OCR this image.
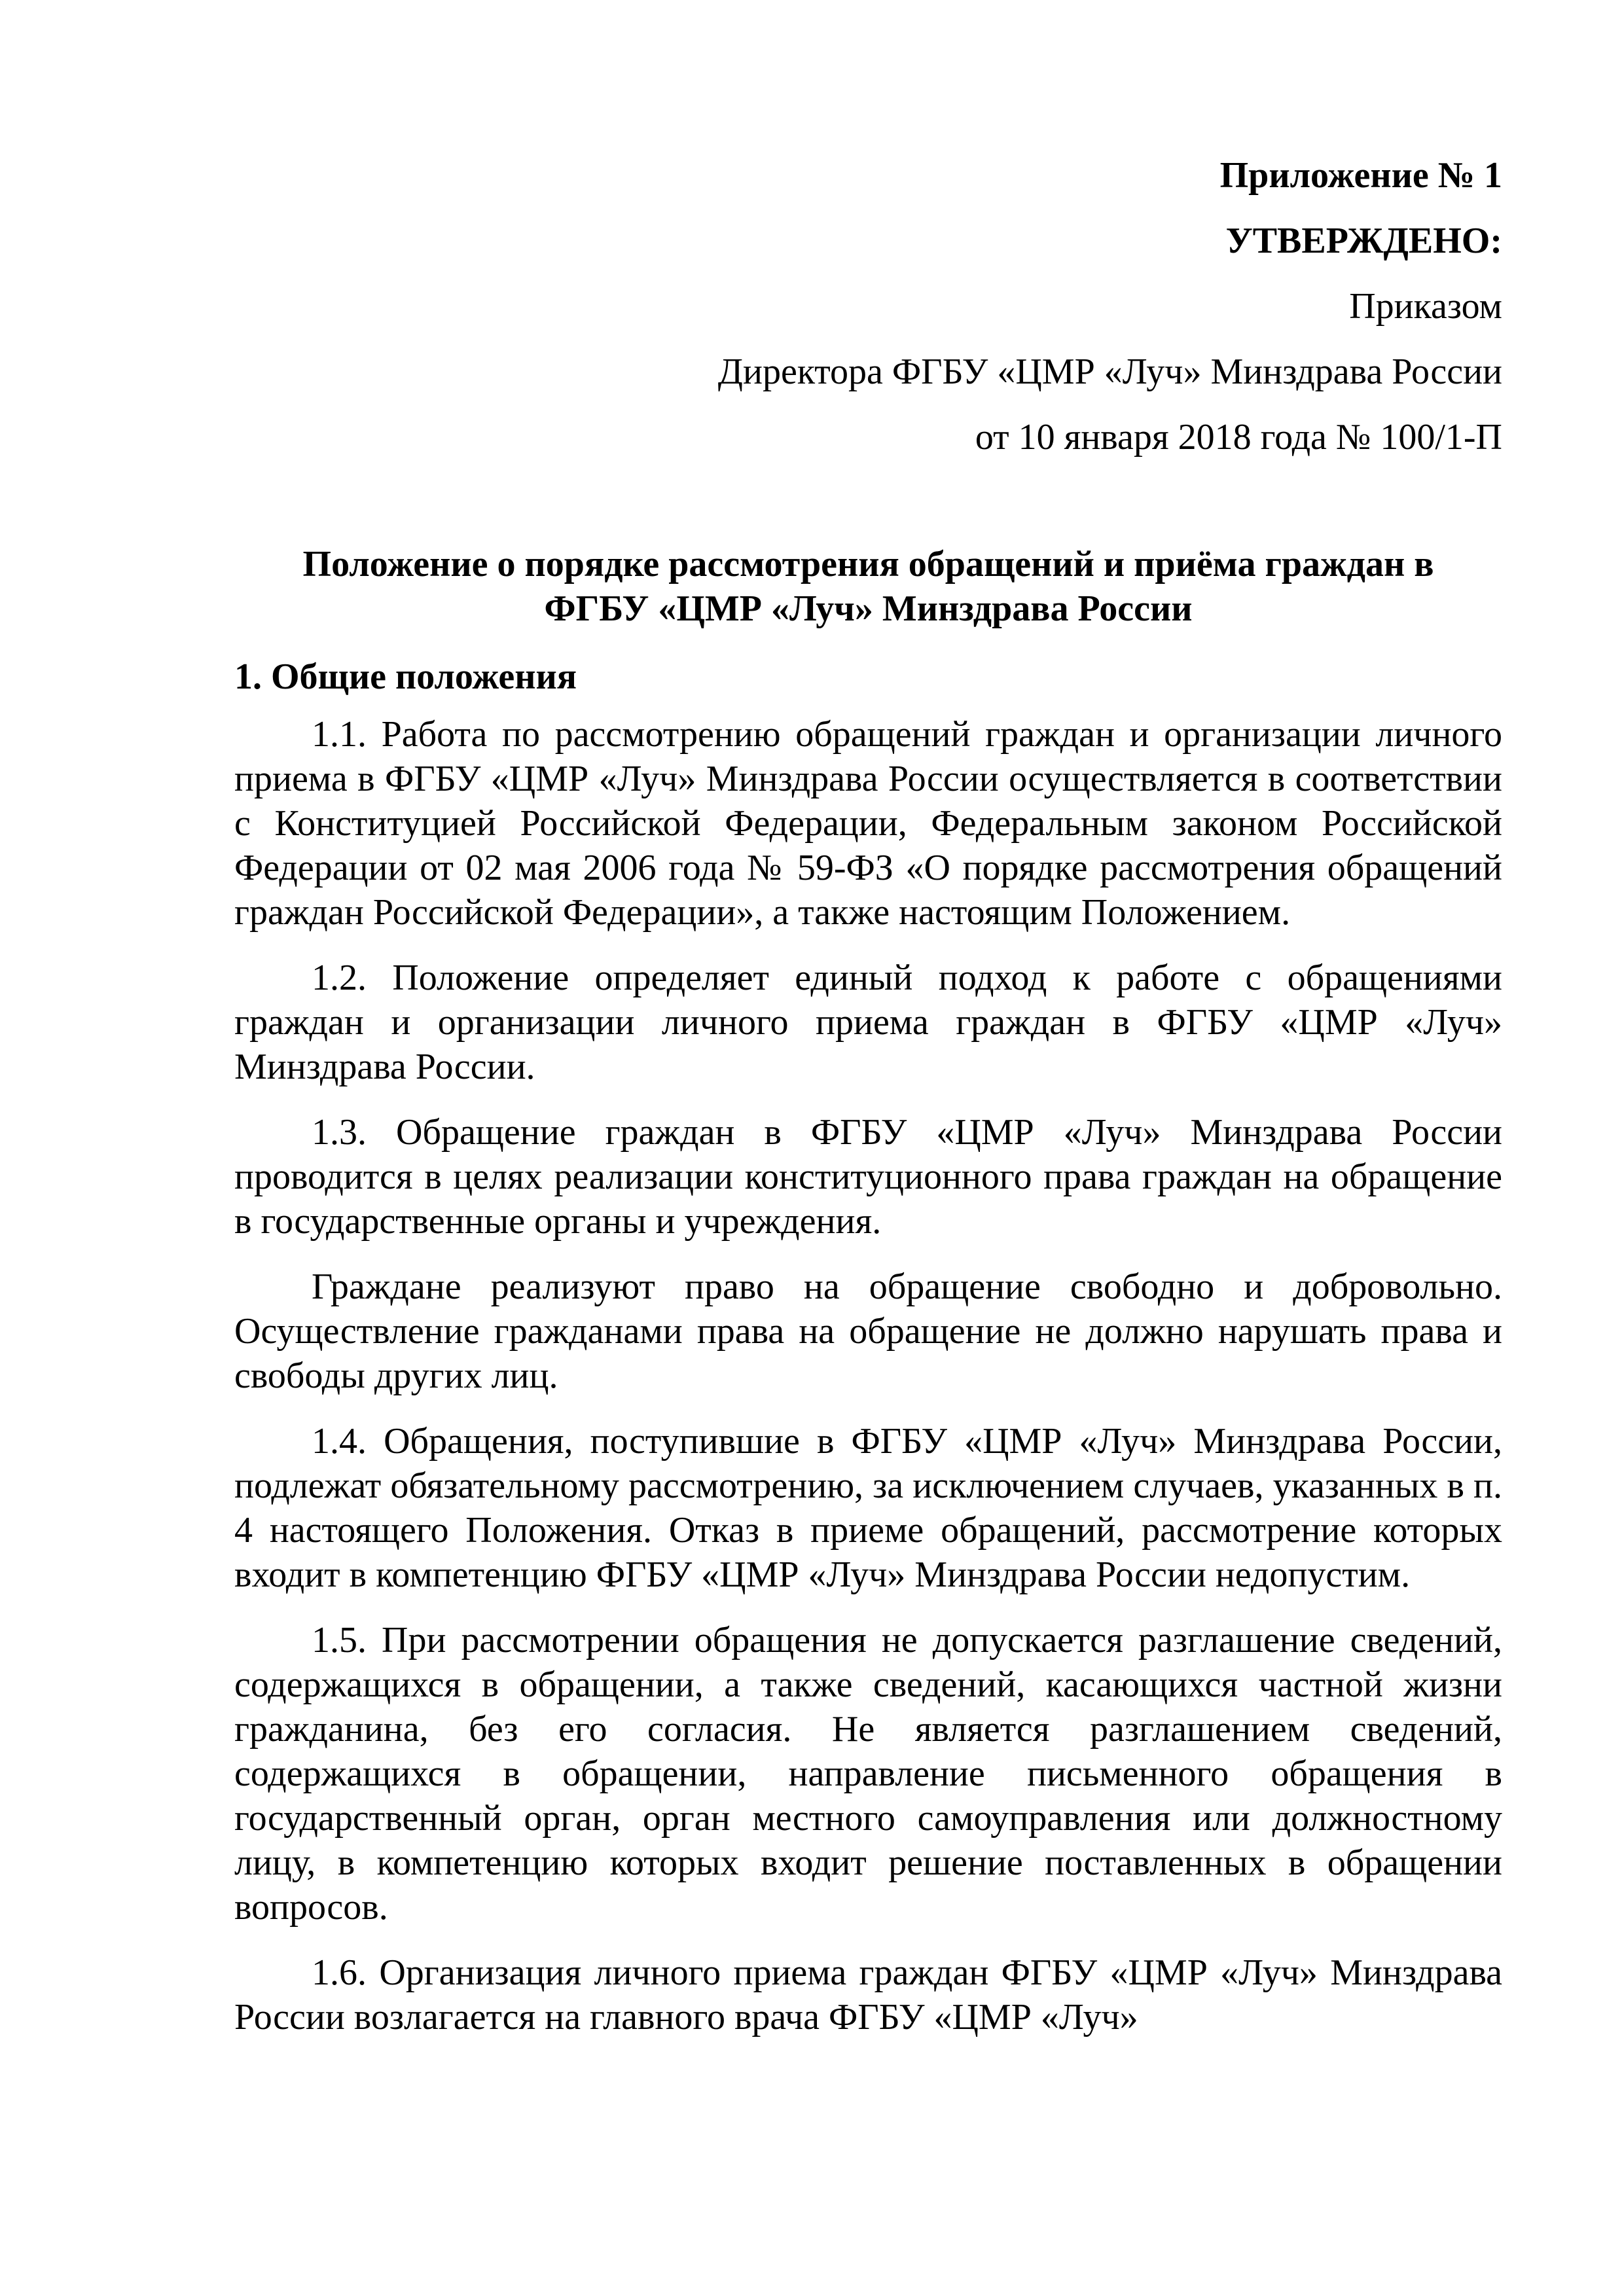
Приложение № 1
УТВЕРЖДЕНО:
Приказом
Директора ФГБУ «ЦМР «Луч» Минздрава России
от 10 января 2018 года № 100/1-П
Положение о порядке рассмотрения обращений и приёма граждан в
ФГБУ «ЦМР «Луч» Минздрава России
1. Общие положения

1.1. Работа по рассмотрению обращений граждан и организации личного приема в ФГБУ «ЦМР «Луч» Минздрава России осуществляется в соответствии с Конституцией Российской Федерации, Федеральным законом Российской Федерации от 02 мая 2006 года № 59-ФЗ «О порядке рассмотрения обращений граждан Российской Федерации», а также настоящим Положением.

1.2. Положение определяет единый подход к работе с обращениями граждан и организации личного приема граждан в ФГБУ «ЦМР «Луч» Минздрава России.

1.3. Обращение граждан в ФГБУ «ЦМР «Луч» Минздрава России проводится в целях реализации конституционного права граждан на обращение в государственные органы и учреждения.

Граждане реализуют право на обращение свободно и добровольно. Осуществление гражданами права на обращение не должно нарушать права и свободы других лиц.

1.4. Обращения, поступившие в ФГБУ «ЦМР «Луч» Минздрава России, подлежат обязательному рассмотрению, за исключением случаев, указанных в п. 4 настоящего Положения. Отказ в приеме обращений, рассмотрение которых входит в компетенцию ФГБУ «ЦМР «Луч» Минздрава России недопустим.

1.5. При рассмотрении обращения не допускается разглашение сведений, содержащихся в обращении, а также сведений, касающихся частной жизни гражданина, без его согласия. Не является разглашением сведений, содержащихся в обращении, направление письменного обращения в государственный орган, орган местного самоуправления или должностному лицу, в компетенцию которых входит решение поставленных в обращении вопросов.

1.6. Организация личного приема граждан ФГБУ «ЦМР «Луч» Минздрава России возлагается на главного врача ФГБУ «ЦМР «Луч»
